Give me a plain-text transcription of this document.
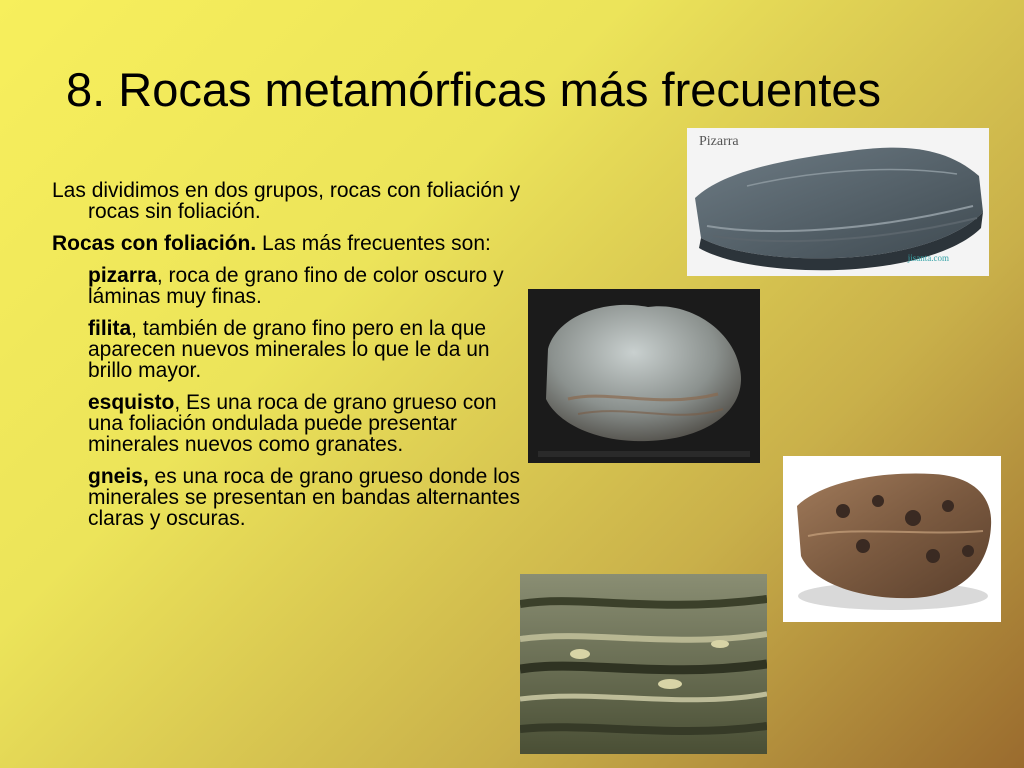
8. Rocas metamórficas más frecuentes

Las dividimos en dos grupos, rocas con foliación y rocas sin foliación.

Rocas con foliación. Las más frecuentes son:

pizarra, roca de grano fino de color oscuro y láminas muy finas.

filita, también de grano fino pero en la que aparecen nuevos minerales lo que le da un brillo mayor.

esquisto, Es una roca de grano grueso con una foliación ondulada puede presentar minerales nuevos como granates.

gneis, es una roca de grano grueso donde los minerales se presentan en bandas alternantes claras y oscuras.

Pizarra
jisanta.com
